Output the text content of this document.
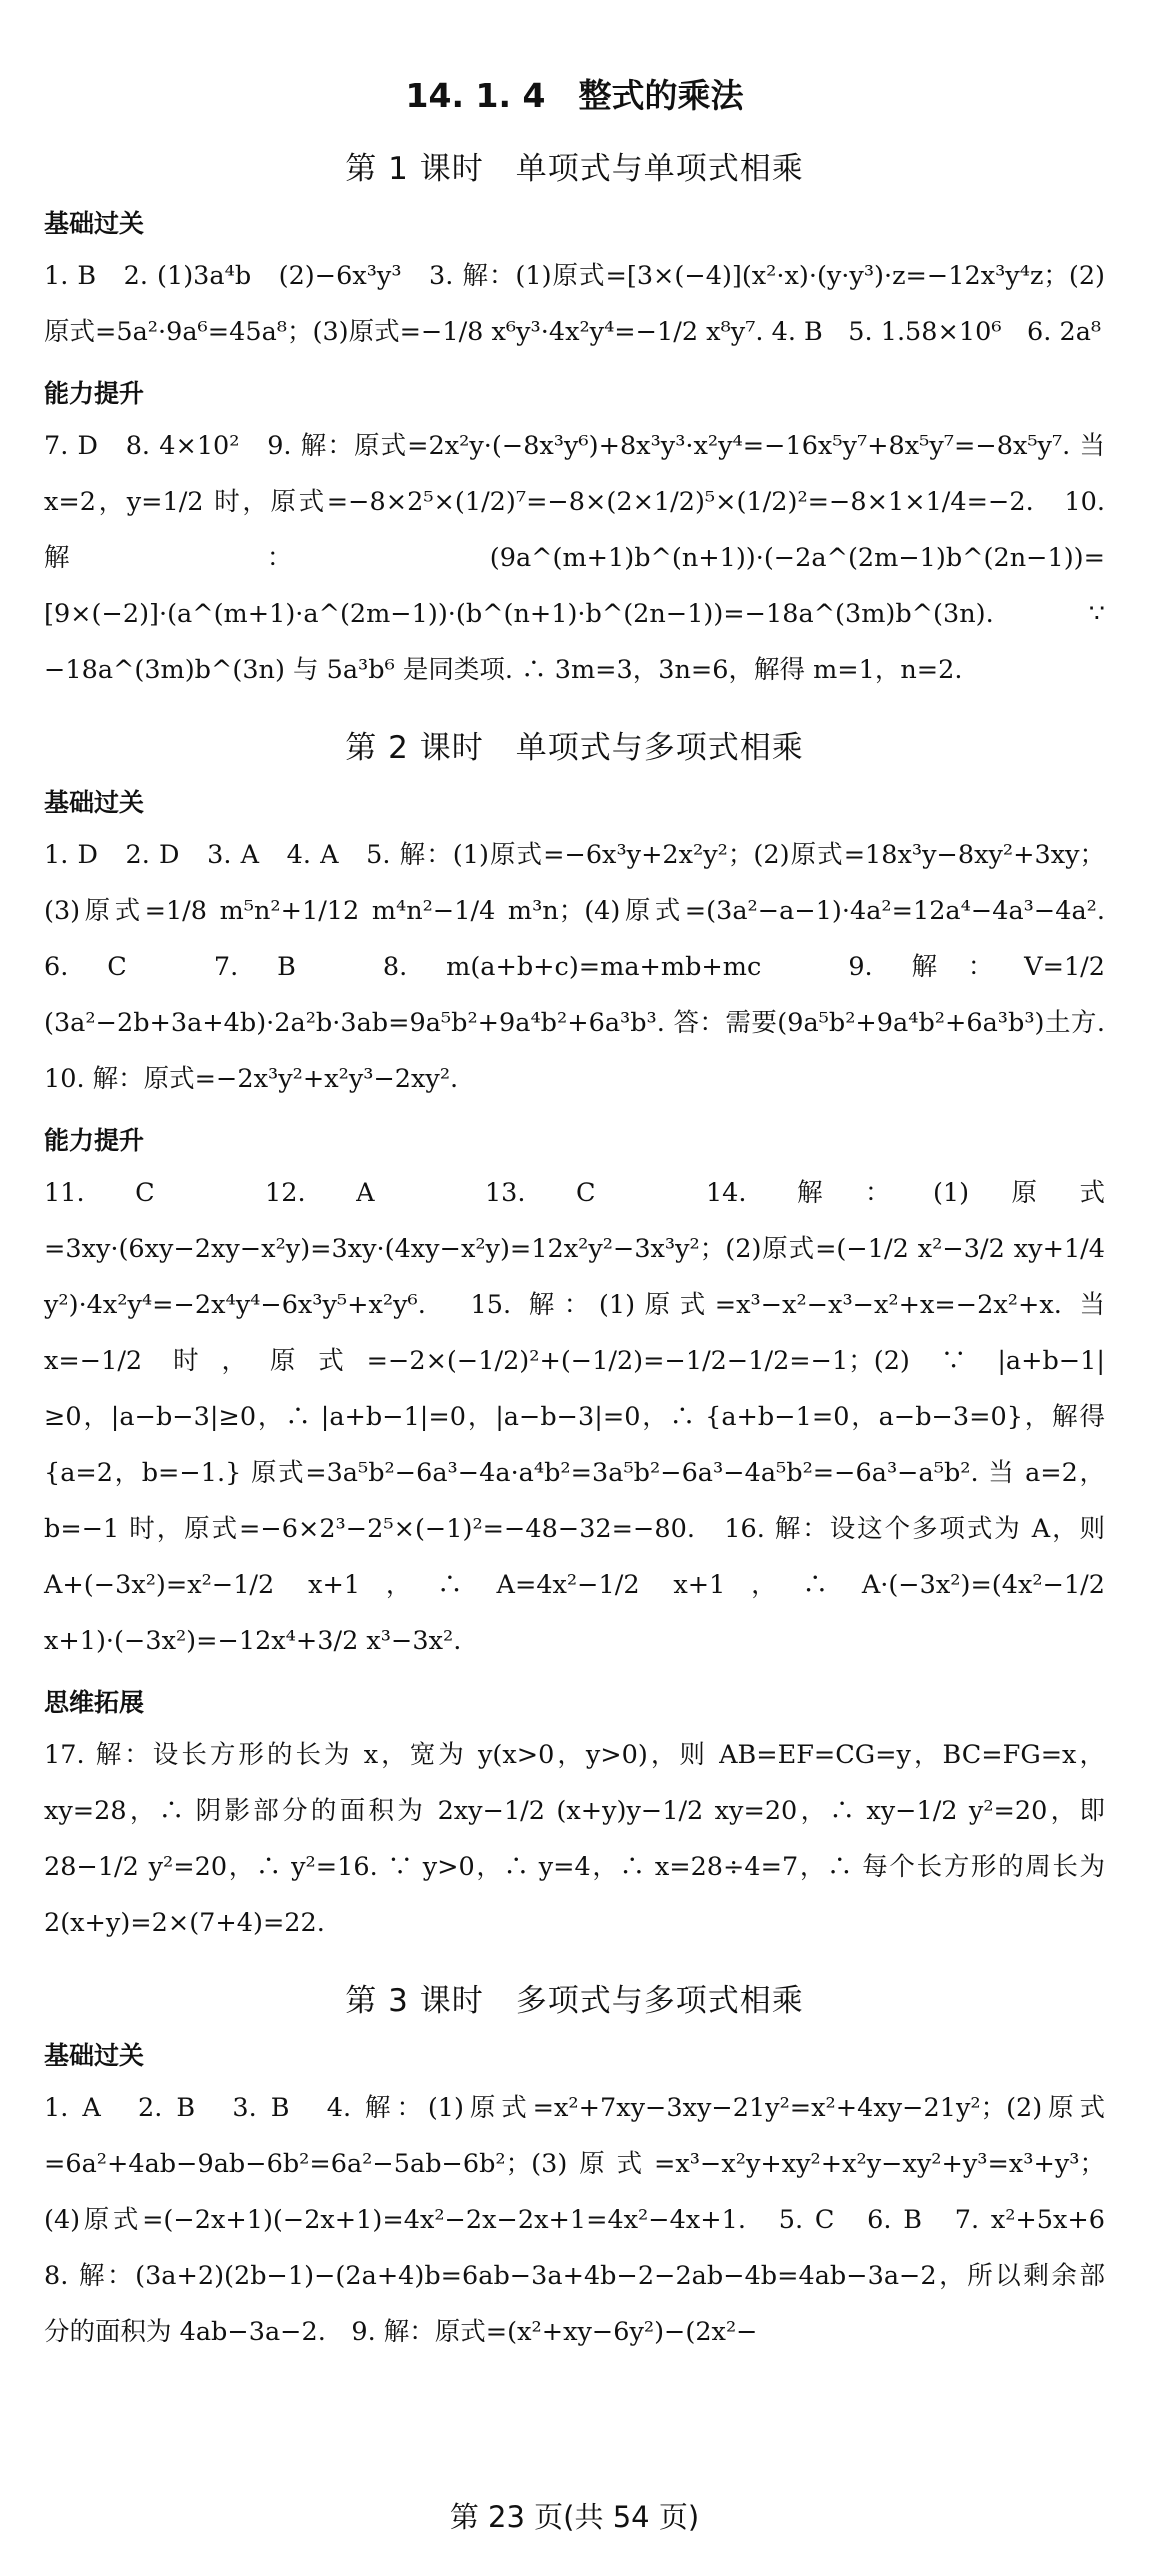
14. 1. 4　整式的乘法
第 1 课时　单项式与单项式相乘
基础过关

1. B　2. (1)3a⁴b　(2)−6x³y³　3. 解：(1)原式=[3×(−4)](x²·x)·(y·y³)·z=−12x³y⁴z；(2)原式=5a²·9a⁶=45a⁸；(3)原式=−1/8 x⁶y³·4x²y⁴=−1/2 x⁸y⁷. 4. B　5. 1.58×10⁶　6. 2a⁸

能力提升

7. D　8. 4×10²　9. 解：原式=2x²y·(−8x³y⁶)+8x³y³·x²y⁴=−16x⁵y⁷+8x⁵y⁷=−8x⁵y⁷. 当 x=2，y=1/2 时，原式=−8×2⁵×(1/2)⁷=−8×(2×1/2)⁵×(1/2)²=−8×1×1/4=−2.　10. 解：(9a^(m+1)b^(n+1))·(−2a^(2m−1)b^(2n−1))=[9×(−2)]·(a^(m+1)·a^(2m−1))·(b^(n+1)·b^(2n−1))=−18a^(3m)b^(3n). ∵ −18a^(3m)b^(3n) 与 5a³b⁶ 是同类项. ∴ 3m=3，3n=6，解得 m=1，n=2.

第 2 课时　单项式与多项式相乘
基础过关

1. D　2. D　3. A　4. A　5. 解：(1)原式=−6x³y+2x²y²；(2)原式=18x³y−8xy²+3xy；(3)原式=1/8 m⁵n²+1/12 m⁴n²−1/4 m³n；(4)原式=(3a²−a−1)·4a²=12a⁴−4a³−4a².　6. C　7. B　8. m(a+b+c)=ma+mb+mc　9. 解：V=1/2 (3a²−2b+3a+4b)·2a²b·3ab=9a⁵b²+9a⁴b²+6a³b³. 答：需要(9a⁵b²+9a⁴b²+6a³b³)土方.　10. 解：原式=−2x³y²+x²y³−2xy².

能力提升

11. C　12. A　13. C　14. 解：(1)原式=3xy·(6xy−2xy−x²y)=3xy·(4xy−x²y)=12x²y²−3x³y²；(2)原式=(−1/2 x²−3/2 xy+1/4 y²)·4x²y⁴=−2x⁴y⁴−6x³y⁵+x²y⁶.　15. 解：(1)原式=x³−x²−x³−x²+x=−2x²+x. 当 x=−1/2 时，原式=−2×(−1/2)²+(−1/2)=−1/2−1/2=−1；(2) ∵ |a+b−1|≥0，|a−b−3|≥0，∴ |a+b−1|=0，|a−b−3|=0，∴ {a+b−1=0，a−b−3=0}，解得 {a=2，b=−1.} 原式=3a⁵b²−6a³−4a·a⁴b²=3a⁵b²−6a³−4a⁵b²=−6a³−a⁵b². 当 a=2，b=−1 时，原式=−6×2³−2⁵×(−1)²=−48−32=−80.　16. 解：设这个多项式为 A，则 A+(−3x²)=x²−1/2 x+1，∴ A=4x²−1/2 x+1，∴ A·(−3x²)=(4x²−1/2 x+1)·(−3x²)=−12x⁴+3/2 x³−3x².

思维拓展

17. 解：设长方形的长为 x，宽为 y(x>0，y>0)，则 AB=EF=CG=y，BC=FG=x，xy=28，∴ 阴影部分的面积为 2xy−1/2 (x+y)y−1/2 xy=20，∴ xy−1/2 y²=20，即 28−1/2 y²=20，∴ y²=16. ∵ y>0，∴ y=4，∴ x=28÷4=7，∴ 每个长方形的周长为 2(x+y)=2×(7+4)=22.

第 3 课时　多项式与多项式相乘
基础过关

1. A　2. B　3. B　4. 解：(1)原式=x²+7xy−3xy−21y²=x²+4xy−21y²；(2)原式=6a²+4ab−9ab−6b²=6a²−5ab−6b²；(3)原式=x³−x²y+xy²+x²y−xy²+y³=x³+y³；(4)原式=(−2x+1)(−2x+1)=4x²−2x−2x+1=4x²−4x+1.　5. C　6. B　7. x²+5x+6　8. 解：(3a+2)(2b−1)−(2a+4)b=6ab−3a+4b−2−2ab−4b=4ab−3a−2，所以剩余部分的面积为 4ab−3a−2.　9. 解：原式=(x²+xy−6y²)−(2x²−

第 23 页(共 54 页)
